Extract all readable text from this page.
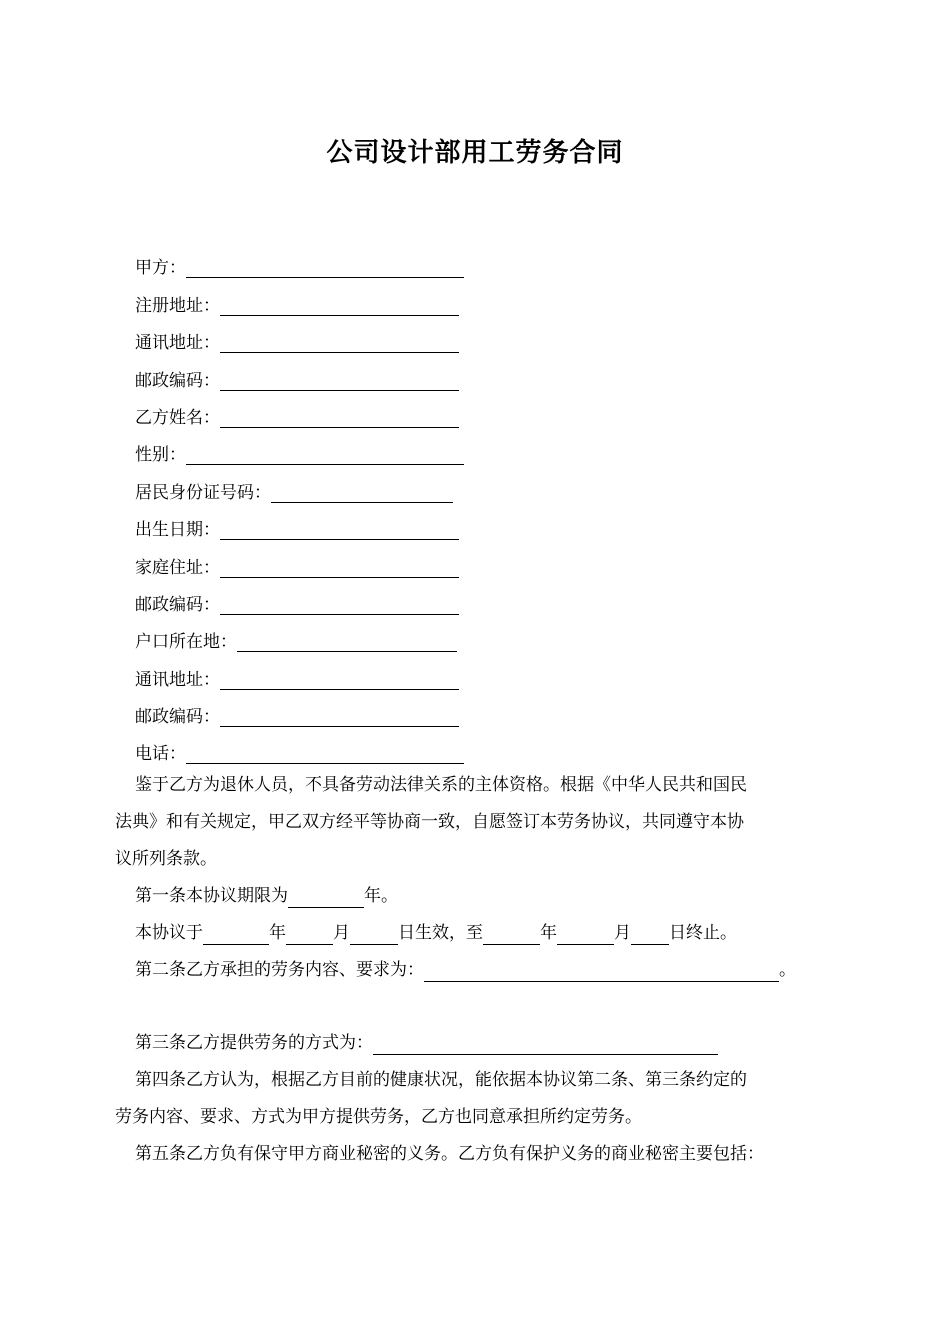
公司设计部用工劳务合同
甲方：
注册地址：
通讯地址：
邮政编码：
乙方姓名：
性别：
居民身份证号码：
出生日期：
家庭住址：
邮政编码：
户口所在地：
通讯地址：
邮政编码：
电话：
鉴于乙方为退休人员，不具备劳动法律关系的主体资格。根据《中华人民共和国民
法典》和有关规定，甲乙双方经平等协商一致，自愿签订本劳务协议，共同遵守本协
议所列条款。
第一条本协议期限为	年。
本协议于	年	月	日生效，至	年	月 日终止。
第二条乙方承担的劳务内容、要求为：	。
第三条乙方提供劳务的方式为：
第四条乙方认为，根据乙方目前的健康状况，能依据本协议第二条、第三条约定的
劳务内容、要求、方式为甲方提供劳务，乙方也同意承担所约定劳务。
第五条乙方负有保守甲方商业秘密的义务。乙方负有保护义务的商业秘密主要包括：
